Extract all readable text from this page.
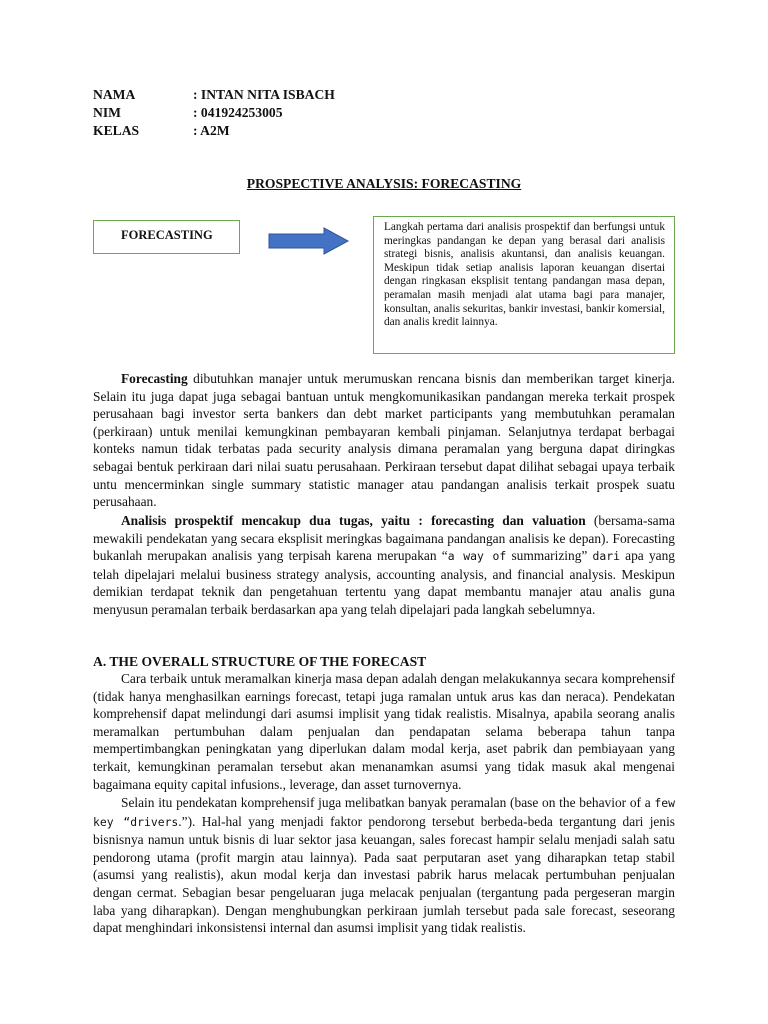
NAMA	: INTAN NITA ISBACH
NIM	: 041924253005
KELAS	: A2M
PROSPECTIVE ANALYSIS: FORECASTING
FORECASTING
Langkah pertama dari analisis prospektif dan berfungsi untuk meringkas pandangan ke depan yang berasal dari analisis strategi bisnis, analisis akuntansi, dan analisis keuangan. Meskipun tidak setiap analisis laporan keuangan disertai dengan ringkasan eksplisit tentang pandangan masa depan, peramalan masih menjadi alat utama bagi para manajer, konsultan, analis sekuritas, bankir investasi, bankir komersial, dan analis kredit lainnya.
Forecasting dibutuhkan manajer untuk merumuskan rencana bisnis dan memberikan target kinerja. Selain itu juga dapat juga sebagai bantuan untuk mengkomunikasikan pandangan mereka terkait prospek perusahaan bagi investor serta bankers dan debt market participants yang membutuhkan peramalan (perkiraan) untuk menilai kemungkinan pembayaran kembali pinjaman. Selanjutnya terdapat berbagai konteks namun tidak terbatas pada security analysis dimana peramalan yang berguna dapat diringkas sebagai bentuk perkiraan dari nilai suatu perusahaan. Perkiraan tersebut dapat dilihat sebagai upaya terbaik untu mencerminkan single summary statistic manager atau pandangan analisis terkait prospek suatu perusahaan.
Analisis prospektif mencakup dua tugas, yaitu : forecasting dan valuation (bersama-sama mewakili pendekatan yang secara eksplisit meringkas bagaimana pandangan analisis ke depan). Forecasting bukanlah merupakan analisis yang terpisah karena merupakan “a way of summarizing” dari apa yang telah dipelajari melalui business strategy analysis, accounting analysis, and financial analysis. Meskipun demikian terdapat teknik dan pengetahuan tertentu yang dapat membantu manajer atau analis guna menyusun peramalan terbaik berdasarkan apa yang telah dipelajari pada langkah sebelumnya.
A. THE OVERALL STRUCTURE OF THE FORECAST
Cara terbaik untuk meramalkan kinerja masa depan adalah dengan melakukannya secara komprehensif (tidak hanya menghasilkan earnings forecast, tetapi juga ramalan untuk arus kas dan neraca). Pendekatan komprehensif dapat melindungi dari asumsi implisit yang tidak realistis. Misalnya, apabila seorang analis meramalkan pertumbuhan dalam penjualan dan pendapatan selama beberapa tahun tanpa mempertimbangkan peningkatan yang diperlukan dalam modal kerja, aset pabrik dan pembiayaan yang terkait, kemungkinan peramalan tersebut akan menanamkan asumsi yang tidak masuk akal mengenai bagaimana equity capital infusions., leverage, dan asset turnovernya.
Selain itu pendekatan komprehensif juga melibatkan banyak peramalan (base on the behavior of a few key “drivers.”). Hal-hal yang menjadi faktor pendorong tersebut berbeda-beda tergantung dari jenis bisnisnya namun untuk bisnis di luar sektor jasa keuangan, sales forecast hampir selalu menjadi salah satu pendorong utama (profit margin atau lainnya). Pada saat perputaran aset yang diharapkan tetap stabil (asumsi yang realistis), akun modal kerja dan investasi pabrik harus melacak pertumbuhan penjualan dengan cermat. Sebagian besar pengeluaran juga melacak penjualan (tergantung pada pergeseran margin laba yang diharapkan). Dengan menghubungkan perkiraan jumlah tersebut pada sale forecast, seseorang dapat menghindari inkonsistensi internal dan asumsi implisit yang tidak realistis.
